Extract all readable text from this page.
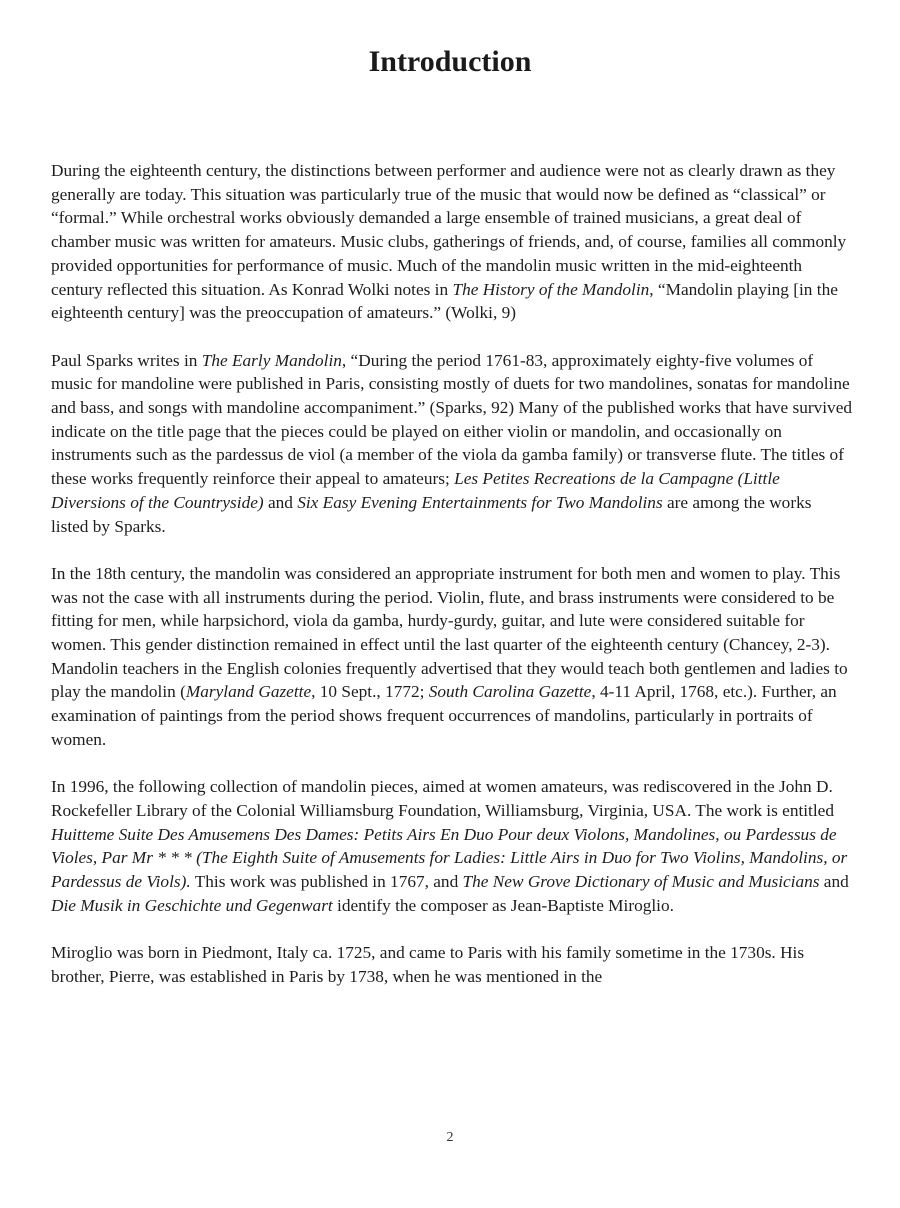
Introduction

During the eighteenth century, the distinctions between performer and audience were not as clearly drawn as they generally are today. This situation was particularly true of the music that would now be defined as “classical” or “formal.” While orchestral works obviously demanded a large ensemble of trained musicians, a great deal of chamber music was written for amateurs. Music clubs, gatherings of friends, and, of course, families all commonly provided opportunities for performance of music. Much of the mandolin music written in the mid-eighteenth century reflected this situation. As Konrad Wolki notes in The History of the Mandolin, “Mandolin playing [in the eighteenth century] was the preoccupation of amateurs.” (Wolki, 9)

Paul Sparks writes in The Early Mandolin, “During the period 1761-83, approximately eighty-five volumes of music for mandoline were published in Paris, consisting mostly of duets for two mandolines, sonatas for mandoline and bass, and songs with mandoline accompaniment.” (Sparks, 92) Many of the published works that have survived indicate on the title page that the pieces could be played on either violin or mandolin, and occasionally on instruments such as the pardessus de viol (a member of the viola da gamba family) or transverse flute. The titles of these works frequently reinforce their appeal to amateurs; Les Petites Recreations de la Campagne (Little Diversions of the Countryside) and Six Easy Evening Entertainments for Two Mandolins are among the works listed by Sparks.

In the 18th century, the mandolin was considered an appropriate instrument for both men and women to play. This was not the case with all instruments during the period. Violin, flute, and brass instruments were considered to be fitting for men, while harpsichord, viola da gamba, hurdy-gurdy, guitar, and lute were considered suitable for women. This gender distinction remained in effect until the last quarter of the eighteenth century (Chancey, 2-3). Mandolin teachers in the English colonies frequently advertised that they would teach both gentlemen and ladies to play the mandolin (Maryland Gazette, 10 Sept., 1772; South Carolina Gazette, 4-11 April, 1768, etc.). Further, an examination of paintings from the period shows frequent occurrences of mandolins, particularly in portraits of women.

In 1996, the following collection of mandolin pieces, aimed at women amateurs, was rediscovered in the John D. Rockefeller Library of the Colonial Williamsburg Foundation, Williamsburg, Virginia, USA. The work is entitled Huitteme Suite Des Amusemens Des Dames: Petits Airs En Duo Pour deux Violons, Mandolines, ou Pardessus de Violes, Par Mr * * * (The Eighth Suite of Amusements for Ladies: Little Airs in Duo for Two Violins, Mandolins, or Pardessus de Viols). This work was published in 1767, and The New Grove Dictionary of Music and Musicians and Die Musik in Geschichte und Gegenwart identify the composer as Jean-Baptiste Miroglio.

Miroglio was born in Piedmont, Italy ca. 1725, and came to Paris with his family sometime in the 1730s. His brother, Pierre, was established in Paris by 1738, when he was mentioned in the

2
